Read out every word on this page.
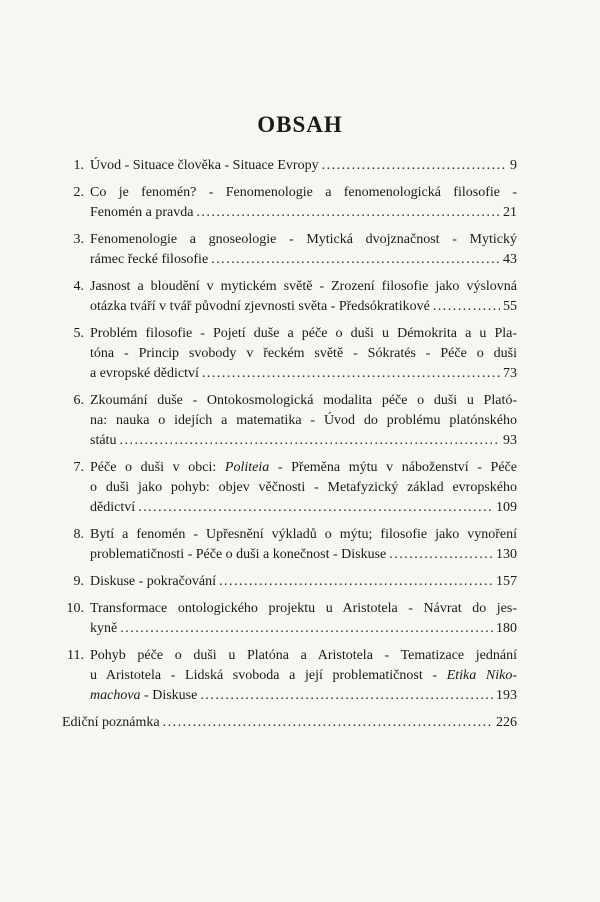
OBSAH
1. Úvod - Situace člověka - Situace Evropy . . .	9
2. Co je fenomén? - Fenomenologie a fenomenologická filosofie -
Fenomén a pravda . . .	21
3. Fenomenologie a gnoseologie - Mytická dvojznačnost - Mytický
rámec řecké filosofie . . .	43
4. Jasnost a bloudění v mytickém světě - Zrození filosofie jako výslovná
otázka tváří v tvář původní zjevnosti světa - Předsókratikové . . .	55
5. Problém filosofie - Pojetí duše a péče o duši u Démokrita a u Pla-
tóna - Princip svobody v řeckém světě - Sókratés - Péče o duši
a evropské dědictví . . .	73
6. Zkoumání duše - Ontokosmologická modalita péče o duši u Plató-
na: nauka o idejích a matematika - Úvod do problému platónského
státu . . .	93
7. Péče o duši v obci: Politeia - Přeměna mýtu v náboženství - Péče
o duši jako pohyb: objev věčnosti - Metafyzický základ evropského
dědictví . . .	109
8. Bytí a fenomén - Upřesnění výkladů o mýtu; filosofie jako vynoření
problematičnosti - Péče o duši a konečnost - Diskuse . . .	130
9. Diskuse - pokračování . . .	157
10. Transformace ontologického projektu u Aristotela - Návrat do jes-
kyně . . .	180
11. Pohyb péče o duši u Platóna a Aristotela - Tematizace jednání
u Aristotela - Lidská svoboda a její problematičnost - Etika Niko-
machova - Diskuse . . .	193
Ediční poznámka . . .	226
